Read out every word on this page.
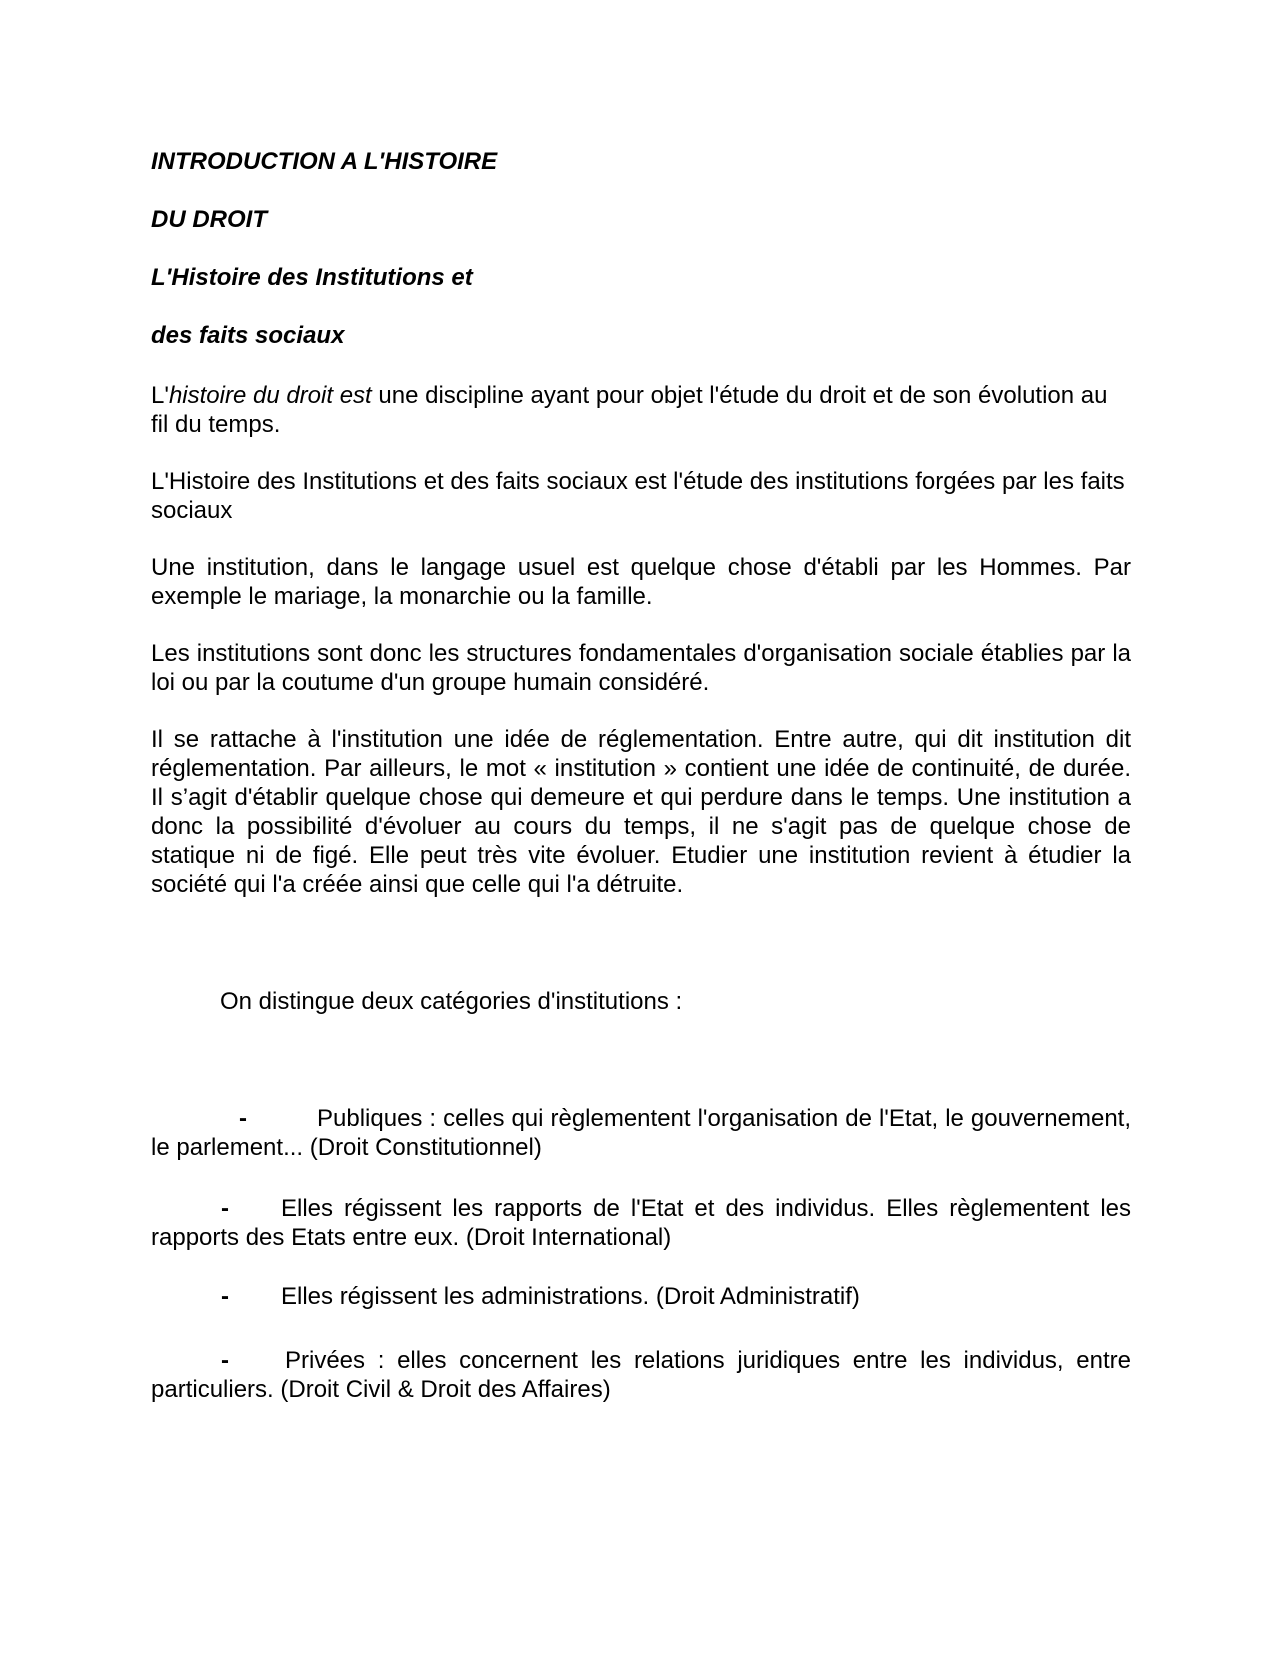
INTRODUCTION A L'HISTOIRE

DU DROIT

L'Histoire des Institutions et

des faits sociaux

L'histoire du droit est une discipline ayant pour objet l'étude du droit et de son évolution au fil du temps.

L'Histoire des Institutions et des faits sociaux est l'étude des institutions forgées par les faits sociaux

Une institution, dans le langage usuel est quelque chose d'établi par les Hommes. Par exemple le mariage, la monarchie ou la famille.

Les institutions sont donc les structures fondamentales d'organisation sociale établies par la loi ou par la coutume d'un groupe humain considéré.

Il se rattache à l'institution une idée de réglementation. Entre autre, qui dit institution dit réglementation. Par ailleurs, le mot « institution » contient une idée de continuité, de durée. Il s’agit d'établir quelque chose qui demeure et qui perdure dans le temps. Une institution a donc la possibilité d'évoluer au cours du temps, il ne s'agit pas de quelque chose de statique ni de figé. Elle peut très vite évoluer. Etudier une institution revient à étudier la société qui l'a créée ainsi que celle qui l'a détruite.

On distingue deux catégories d'institutions :

-	Publiques : celles qui règlementent l'organisation de l'Etat, le gouvernement, le parlement... (Droit Constitutionnel)

- Elles régissent les rapports de l'Etat et des individus. Elles règlementent les rapports des Etats entre eux. (Droit International)

- Elles régissent les administrations. (Droit Administratif)

- Privées : elles concernent les relations juridiques entre les individus, entre particuliers. (Droit Civil & Droit des Affaires)
